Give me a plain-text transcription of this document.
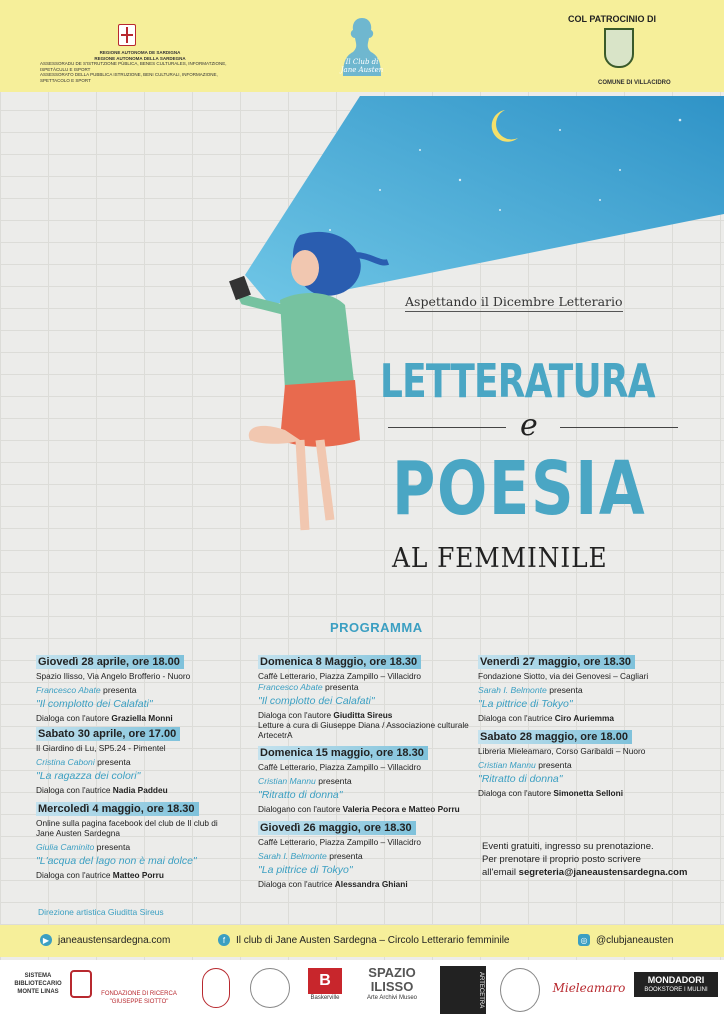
REGIONE AUTONOMA DE SARDIGNA
REGIONE AUTONOMA DELLA SARDEGNA
ASSESSORADU DE S'ISTRUTZIONE PÙBLICA, BENES CULTURALES, INFORMATZIONE, ISPETÀCULU E ISPORT
ASSESSORATO DELLA PUBBLICA ISTRUZIONE, BENI CULTURALI, INFORMAZIONE, SPETTACOLO E SPORT
Il Club di
Jane Austen
COL PATROCINIO DI
COMUNE DI VILLACIDRO
Aspettando il Dicembre Letterario
LETTERATURA
e
POESIA
AL FEMMINILE
PROGRAMMA
Giovedì 28 aprile, ore 18.00
Spazio Ilisso, Via Angelo Brofferio - Nuoro
Francesco Abate presenta
"Il complotto dei Calafati"
Dialoga con l'autore Graziella Monni
Sabato 30 aprile, ore 17.00
Il Giardino di Lu, SP5.24 - Pimentel
Cristina Caboni presenta
"La ragazza dei colori"
Dialoga con l'autrice Nadia Paddeu
Mercoledì 4 maggio, ore 18.30
Online sulla pagina facebook del club de Il club di Jane Austen Sardegna
Giulia Caminito presenta
"L'acqua del lago non è mai dolce"
Dialoga con l'autrice Matteo Porru
Domenica 8 Maggio, ore 18.30
Caffè Letterario, Piazza Zampillo – Villacidro
Francesco Abate presenta
"Il complotto dei Calafati"
Dialoga con l'autore Giuditta Sireus
Letture a cura di Giuseppe Diana / Associazione culturale ArtecetrA
Domenica 15 maggio, ore 18.30
Caffè Letterario, Piazza Zampillo – Villacidro
Cristian Mannu presenta
"Ritratto di donna"
Dialogano con l'autore Valeria Pecora e Matteo Porru
Giovedì 26 maggio, ore 18.30
Caffè Letterario, Piazza Zampillo – Villacidro
Sarah I. Belmonte presenta
"La pittrice di Tokyo"
Dialoga con l'autrice Alessandra Ghiani
Venerdì 27 maggio, ore 18.30
Fondazione Siotto, via dei Genovesi – Cagliari
Sarah I. Belmonte presenta
"La pittrice di Tokyo"
Dialoga con l'autrice Ciro Auriemma
Sabato 28 maggio, ore 18.00
Libreria Mieleamaro, Corso Garibaldi – Nuoro
Cristian Mannu presenta
"Ritratto di donna"
Dialoga con l'autore Simonetta Selloni
Eventi gratuiti, ingresso su prenotazione.
Per prenotare il proprio posto scrivere
all'email segreteria@janeaustensardegna.com
Direzione artistica Giuditta Sireus
▶ janeaustensardegna.com	f	Il club di Jane Austen Sardegna – Circolo Letterario femminile	◎ @clubjaneausten
SISTEMA BIBLIOTECARIO MONTE LINAS	FONDAZIONE DI RICERCA "GIUSEPPE SIOTTO"
B
Baskerville
SPAZIO ILISSO
Arte Archivi Museo	ARTECETRA	Mieleamaro
MONDADORI
BOOKSTORE I MULINI
